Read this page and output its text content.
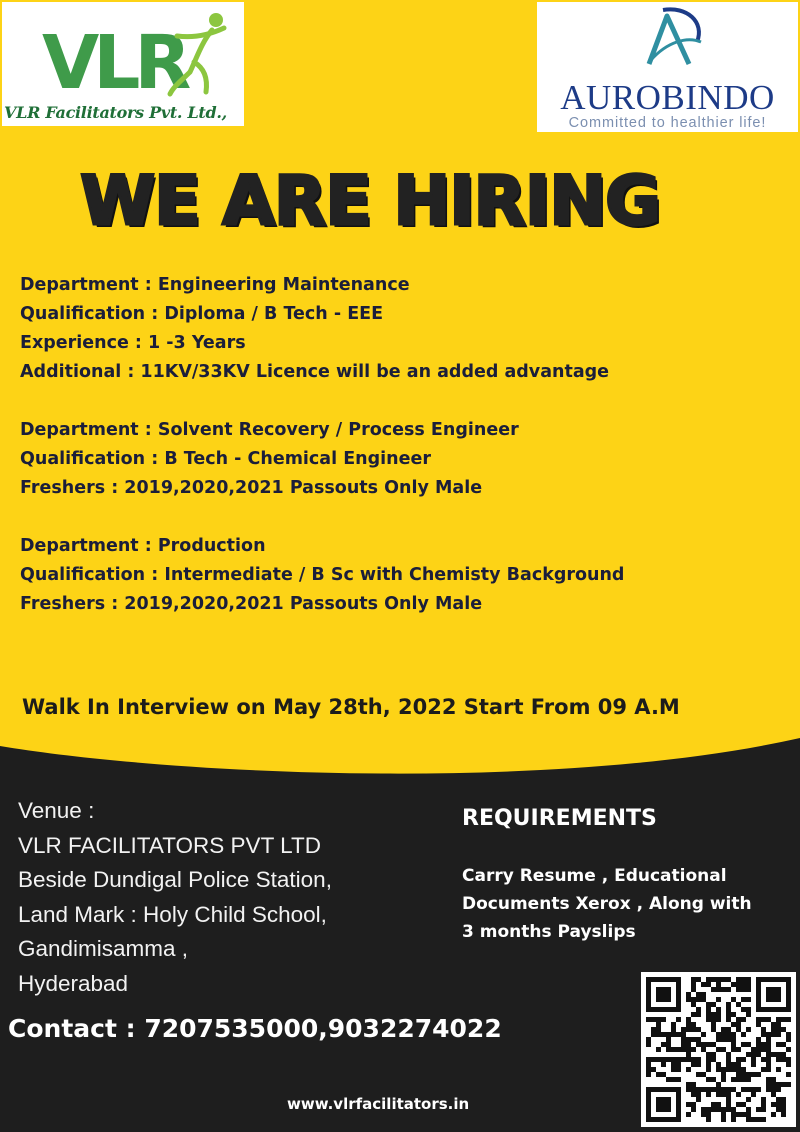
VLR
VLR Facilitators Pvt. Ltd.,	AUROBINDO
Committed to healthier life!
WE ARE HIRING
Department : Engineering Maintenance
Qualification : Diploma / B Tech - EEE
Experience : 1 -3 Years
Additional : 11KV/33KV Licence will be an added advantage
Department : Solvent Recovery / Process Engineer
Qualification : B Tech - Chemical Engineer
Freshers : 2019,2020,2021 Passouts Only Male
Department : Production
Qualification : Intermediate / B Sc with Chemisty Background
Freshers : 2019,2020,2021 Passouts Only Male
Walk In Interview on May 28th, 2022 Start From 09 A.M
Venue :
VLR FACILITATORS PVT LTD
Beside Dundigal Police Station,
Land Mark : Holy Child School,
Gandimisamma ,
Hyderabad
REQUIREMENTS
Carry Resume , Educational
Documents Xerox , Along with
3 months Payslips
Contact : 7207535000,9032274022
www.vlrfacilitators.in
